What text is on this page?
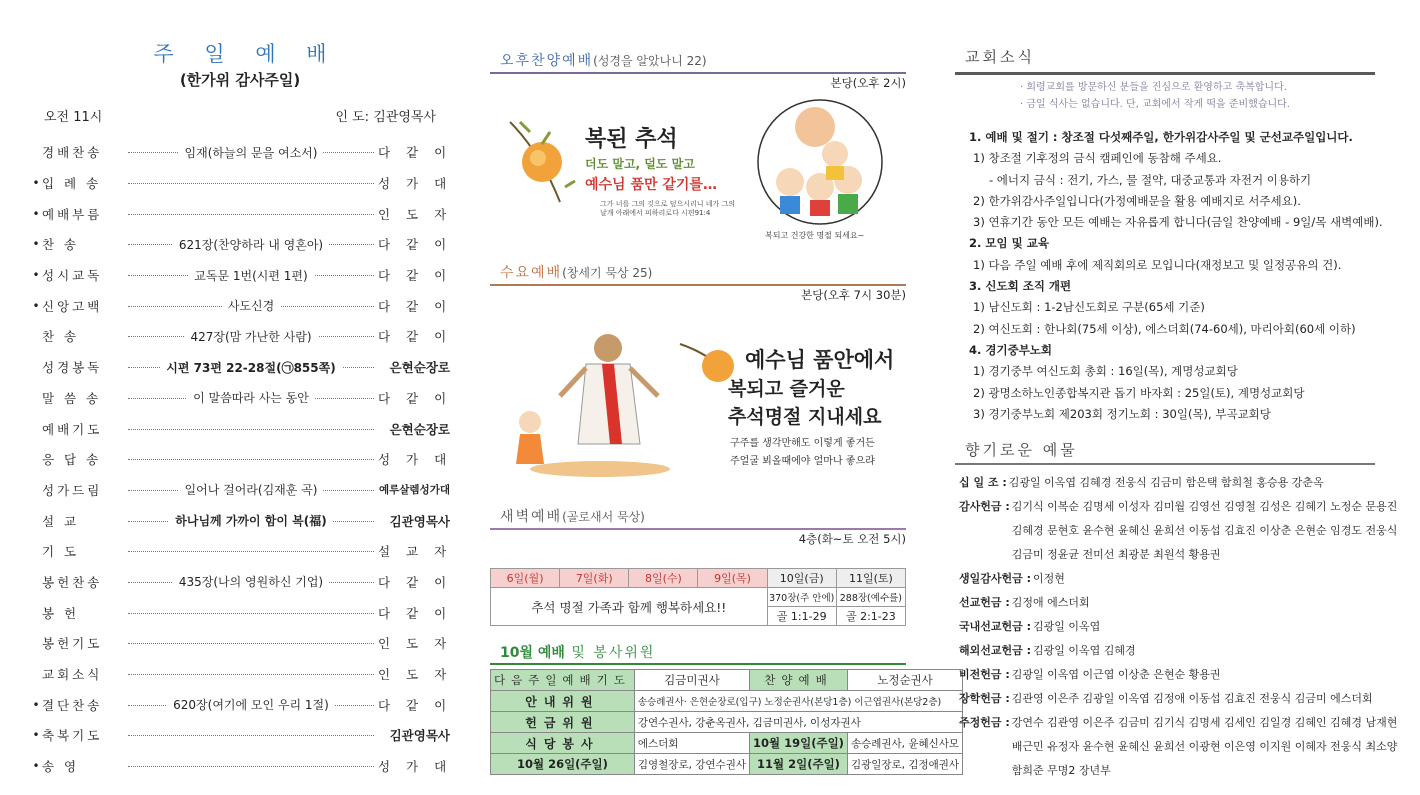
주 일 예 배
(한가위 감사주일)
오전 11시	인 도: 김관영목사
경배찬송	임재(하늘의 문을 여소서)	다 같 이
• 입 례 송	성 가 대
• 예배부름	인 도 자
• 찬 송	621장(찬양하라 내 영혼아)	다 같 이
• 성시교독	교독문 1번(시편 1편)	다 같 이
• 신앙고백	사도신경	다 같 이
찬 송	427장(맘 가난한 사람)	다 같 이
성경봉독	시편 73편 22-28절(㉠855쪽)	은현순장로
말 씀 송	이 말씀따라 사는 동안	다 같 이
예배기도	은현순장로
응 답 송	성 가 대
성가드림	일어나 걸어라(김재훈 곡)	예루살렘성가대
설 교	하나님께 가까이 함이 복(福)	김관영목사
기 도	설 교 자
봉헌찬송	435장(나의 영원하신 기업)	다 같 이
봉 헌	다 같 이
봉헌기도	인 도 자
교회소식	인 도 자
• 결단찬송	620장(여기에 모인 우리 1절)	다 같 이
• 축복기도	김관영목사
• 송 영	성 가 대
오후찬양예배(성경을 알았나니 22)
본당(오후 2시)
복된 추석
더도 말고, 덜도 말고
예수님 품만 같기를…
그가 너를 그의 깃으로 덮으시리니 네가 그의 날개 아래에서 피하리로다 시편91:4
복되고 건강한 명절 되세요~
수요예배(창세기 묵상 25)
본당(오후 7시 30분)
예수님 품안에서
복되고 즐거운
추석명절 지내세요
구주를 생각만해도 이렇게 좋거든
주얼굴 뵈올때에야 얼마나 좋으랴
새벽예배(골로새서 묵상)
4층(화~토 오전 5시)
6일(월)	7일(화)	8일(수)	9일(목)	10일(금)	11일(토)
추석 명절 가족과 함께 행복하세요!!				370장(주 안에)	288장(예수를)
				골 1:1-29	골 2:1-23
10월 예배 및 봉사위원
다음주일예배기도	김금미권사	찬양예배	노정순권사
안내위원	송승례권사· 은현순장로(입구) 노정순권사(본당1층) 이근엽권사(본당2층)		
헌금위원	강연수권사, 강춘옥권사, 김금미권사, 이성자권사		
식당봉사	에스더회	10월 19일(주일)	송승례권사, 윤혜신사모
10월 26일(주일)	김영철장로, 강연수권사	11월 2일(주일)	김광일장로, 김정애권사
교회소식
· 회령교회를 방문하신 분들을 진심으로 환영하고 축복합니다.
· 금일 식사는 없습니다. 단, 교회에서 작게 떡을 준비했습니다.
1. 예배 및 절기 : 창조절 다섯째주일, 한가위감사주일 및 군선교주일입니다.
1) 창조절 기후정의 금식 캠페인에 동참해 주세요.
- 에너지 금식 : 전기, 가스, 물 절약, 대중교통과 자전거 이용하기
2) 한가위감사주일입니다(가정예배문을 활용 예배지로 서주세요).
3) 연휴기간 동안 모든 예배는 자유롭게 합니다(금일 찬양예배 - 9일/목 새벽예배).
2. 모임 및 교육
1) 다음 주일 예배 후에 제직회의로 모입니다(재정보고 및 일정공유의 건).
3. 신도회 조직 개편
1) 남신도회 : 1-2남신도회로 구분(65세 기준)
2) 여신도회 : 한나회(75세 이상), 에스더회(74-60세), 마리아회(60세 이하)
4. 경기중부노회
1) 경기중부 여신도회 총회 : 16일(목), 계명성교회당
2) 광명소하노인종합복지관 돕기 바자회 : 25일(토), 계명성교회당
3) 경기중부노회 제203회 정기노회 : 30일(목), 부곡교회당
향기로운 예물
십 일 조 : 김광일 이옥엽 김혜경 전웅식 김금미 함은택 함희철 홍승용 강춘옥
감사헌금 : 김기식 이복순 김명세 이성자 김미월 김영선 김영철 김성은 김혜기 노정순 문용진
김혜경 문현호 윤수현 윤혜신 윤희선 이동섭 김효진 이상춘 은현순 임경도 전웅식
김금미 정윤균 전미선 최광분 최원석 황용권
생일감사헌금 : 이정현
선교헌금 : 김정애 에스더회
국내선교헌금 : 김광일 이옥엽
해외선교헌금 : 김광일 이옥엽 김혜경
비전헌금 : 김광일 이옥엽 이근엽 이상춘 은현순 황용권
장학헌금 : 김관영 이은주 김광일 이옥엽 김정애 이동섭 김효진 전웅식 김금미 에스더회
주정헌금 : 강연수 김관영 이은주 김금미 김기식 김명세 김세인 김일경 김혜인 김혜경 남재현
배근민 유정자 윤수현 윤혜신 윤희선 이광현 이은영 이지원 이혜자 전웅식 최소양
함희준 무명2 장년부
